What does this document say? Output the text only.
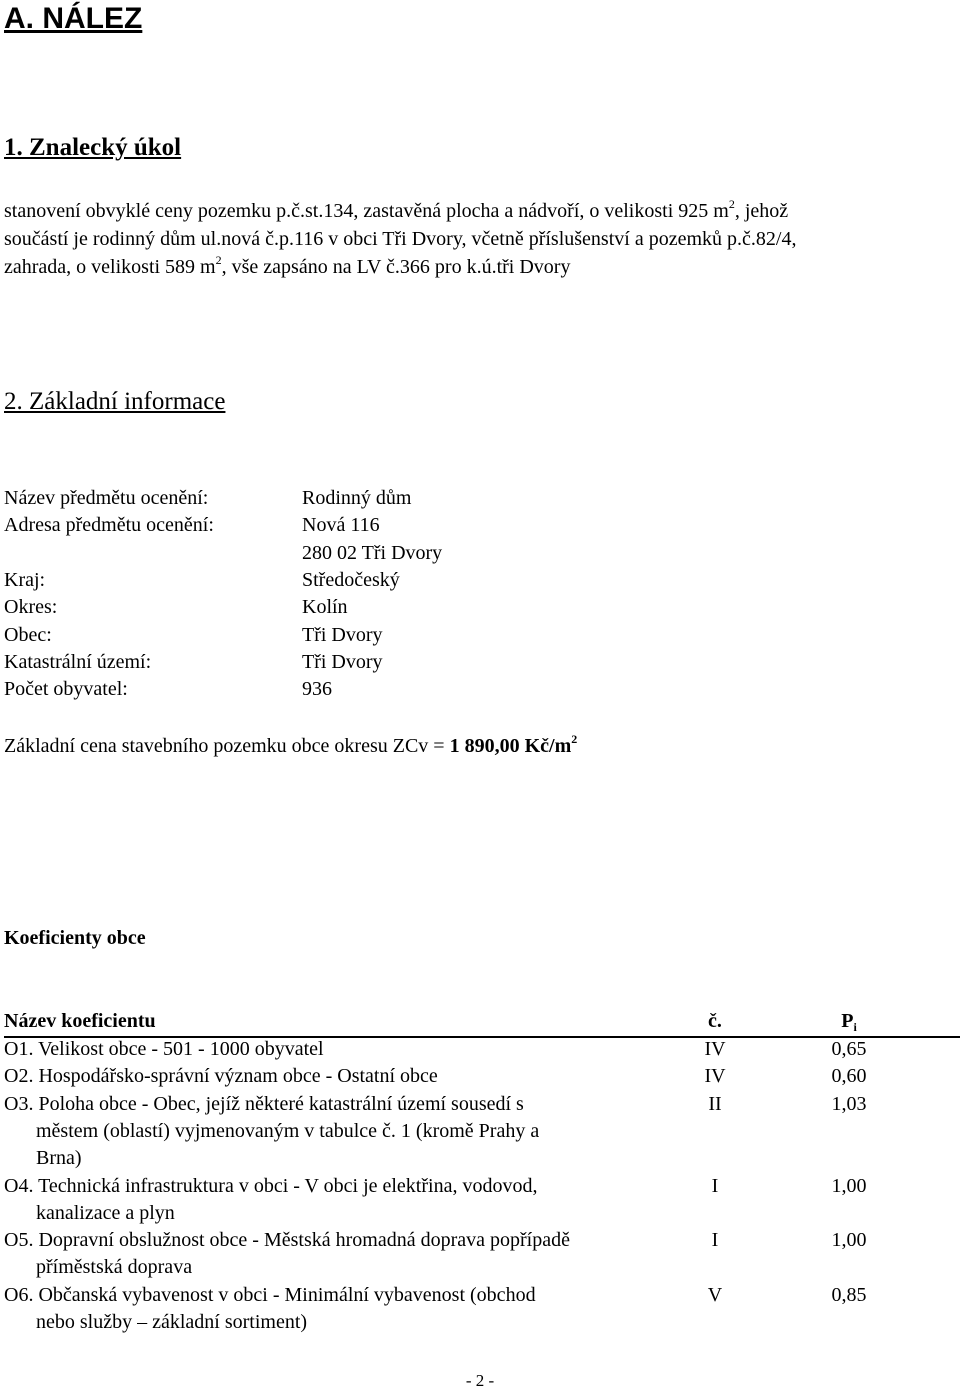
A. NÁLEZ
1. Znalecký úkol
stanovení obvyklé ceny pozemku p.č.st.134, zastavěná plocha a nádvoří, o velikosti 925 $m^2$, jehož
součástí je rodinný dům ul.nová č.p.116 v obci Tři Dvory, včetně příslušenství a pozemků p.č.82/4,
zahrada, o velikosti 589 $m^2$, vše zapsáno na LV č.366 pro k.ú.tři Dvory
2. Základní informace
Název předmětu ocenění:	Rodinný dům
Adresa předmětu ocenění:	Nová 116
280 02 Tři Dvory
Kraj:	Středočeský
Okres:	Kolín
Obec:	Tři Dvory
Katastrální území:	Tři Dvory
Počet obyvatel:	936
Základní cena stavebního pozemku obce okresu ZCv = 1 890,00 $Kč/m^2$
Koeficienty obce
Název koeficientu	č.	$P_i$
O1. Velikost obce - 501 - 1000 obyvatel	IV	0,65
O2. Hospodářsko-správní význam obce - Ostatní obce	IV	0,60
O3. Poloha obce - Obec, jejíž některé katastrální území sousedí s
městem (oblastí) vyjmenovaným v tabulce č. 1 (kromě Prahy a
Brna)
II	1,03
O4. Technická infrastruktura v obci - V obci je elektřina, vodovod,
kanalizace a plyn
I	1,00
O5. Dopravní obslužnost obce - Městská hromadná doprava popřípadě
příměstská doprava
I	1,00
O6. Občanská vybavenost v obci - Minimální vybavenost (obchod
nebo služby – základní sortiment)
V	0,85
- 2 -
